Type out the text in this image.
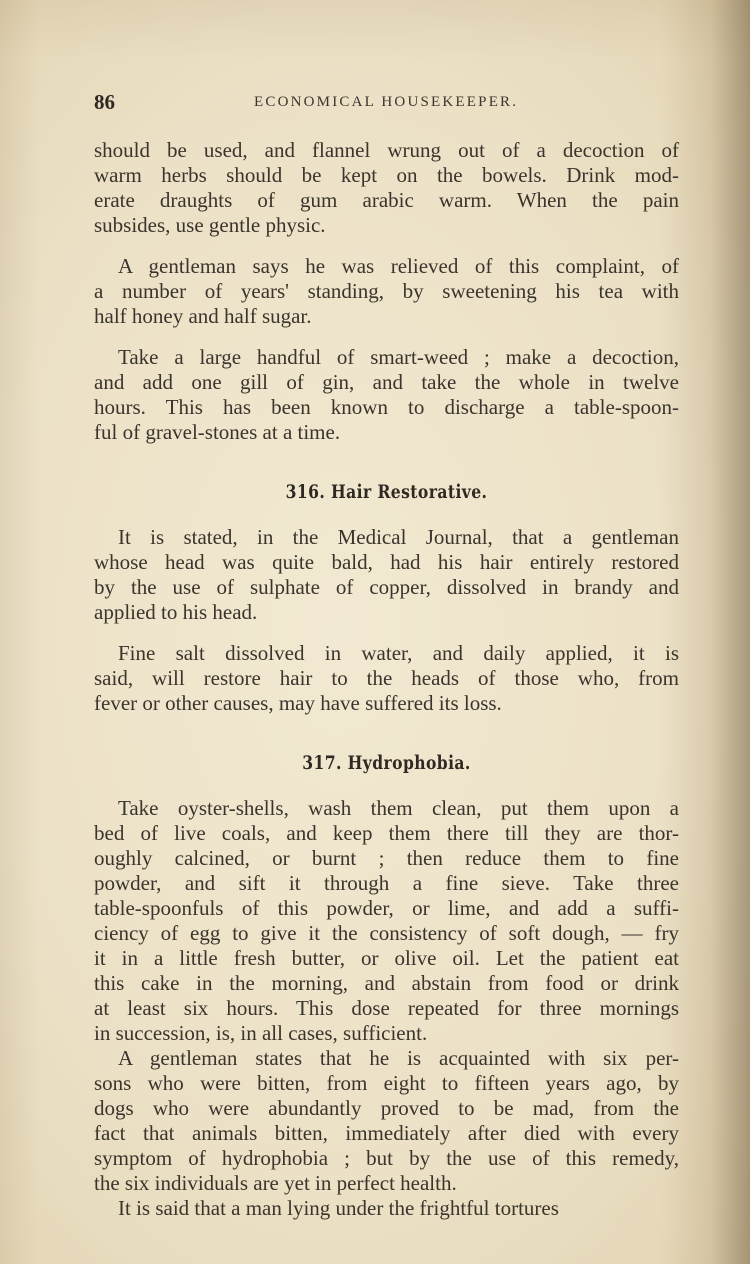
86	ECONOMICAL HOUSEKEEPER.
should be used, and flannel wrung out of a decoction of
warm herbs should be kept on the bowels. Drink mod-
erate draughts of gum arabic warm. When the pain
subsides, use gentle physic.
A gentleman says he was relieved of this complaint, of
a number of years' standing, by sweetening his tea with
half honey and half sugar.
Take a large handful of smart-weed ; make a decoction,
and add one gill of gin, and take the whole in twelve
hours. This has been known to discharge a table-spoon-
ful of gravel-stones at a time.
316. Hair Restorative.
It is stated, in the Medical Journal, that a gentleman
whose head was quite bald, had his hair entirely restored
by the use of sulphate of copper, dissolved in brandy and
applied to his head.
Fine salt dissolved in water, and daily applied, it is
said, will restore hair to the heads of those who, from
fever or other causes, may have suffered its loss.
317. Hydrophobia.
Take oyster-shells, wash them clean, put them upon a
bed of live coals, and keep them there till they are thor-
oughly calcined, or burnt ; then reduce them to fine
powder, and sift it through a fine sieve. Take three
table-spoonfuls of this powder, or lime, and add a suffi-
ciency of egg to give it the consistency of soft dough, — fry
it in a little fresh butter, or olive oil. Let the patient eat
this cake in the morning, and abstain from food or drink
at least six hours. This dose repeated for three mornings
in succession, is, in all cases, sufficient.
A gentleman states that he is acquainted with six per-
sons who were bitten, from eight to fifteen years ago, by
dogs who were abundantly proved to be mad, from the
fact that animals bitten, immediately after died with every
symptom of hydrophobia ; but by the use of this remedy,
the six individuals are yet in perfect health.
It is said that a man lying under the frightful tortures
